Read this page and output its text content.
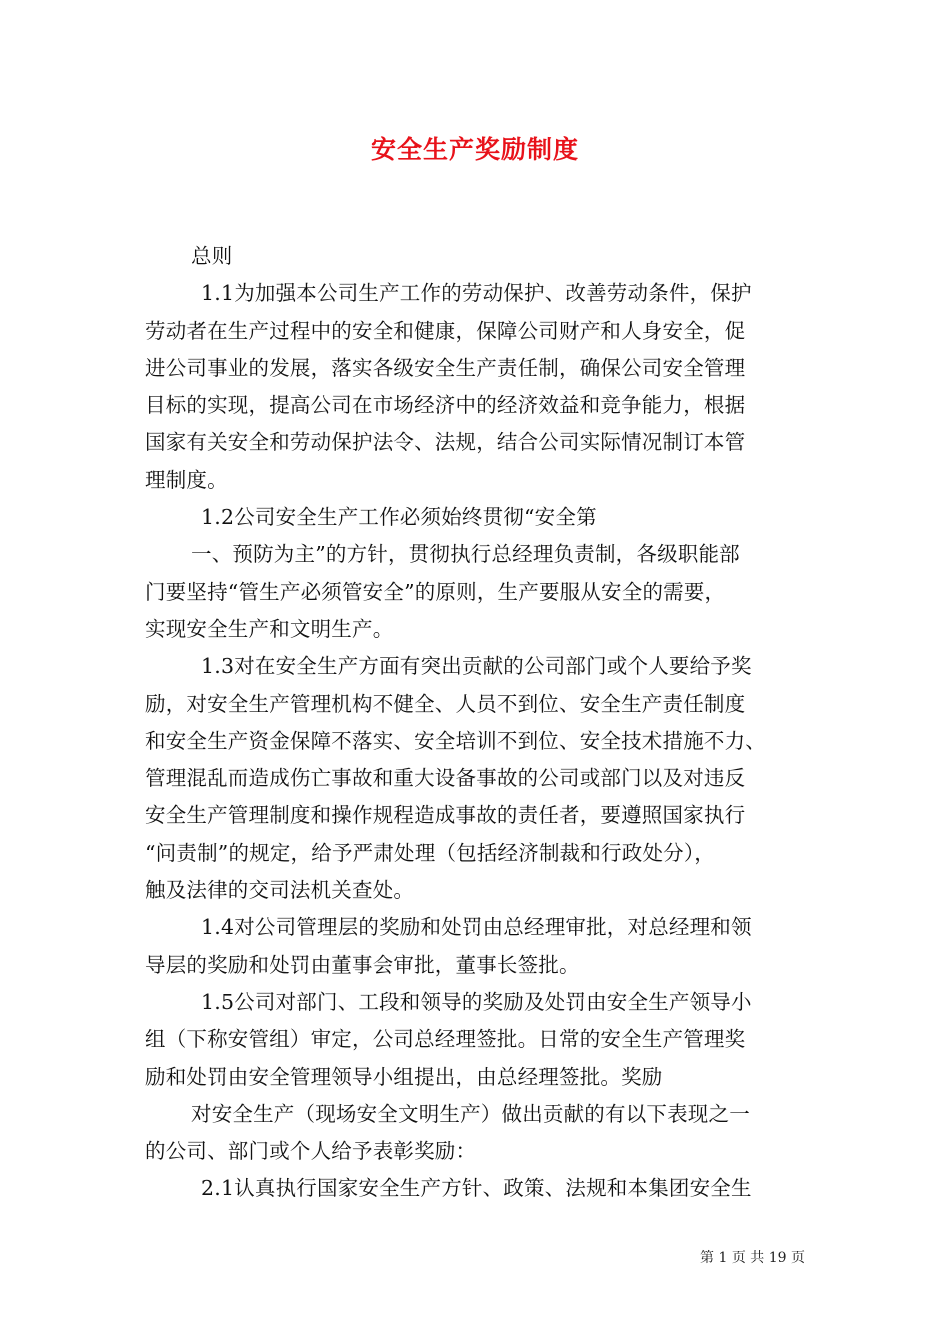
安全生产奖励制度
总则
1.1为加强本公司生产工作的劳动保护、改善劳动条件，保护
劳动者在生产过程中的安全和健康，保障公司财产和人身安全，促
进公司事业的发展，落实各级安全生产责任制，确保公司安全管理
目标的实现，提高公司在市场经济中的经济效益和竞争能力，根据
国家有关安全和劳动保护法令、法规，结合公司实际情况制订本管
理制度。
1.2公司安全生产工作必须始终贯彻“安全第
一、预防为主”的方针，贯彻执行总经理负责制，各级职能部
门要坚持“管生产必须管安全”的原则，生产要服从安全的需要，
实现安全生产和文明生产。
1.3对在安全生产方面有突出贡献的公司部门或个人要给予奖
励，对安全生产管理机构不健全、人员不到位、安全生产责任制度
和安全生产资金保障不落实、安全培训不到位、安全技术措施不力、
管理混乱而造成伤亡事故和重大设备事故的公司或部门以及对违反
安全生产管理制度和操作规程造成事故的责任者，要遵照国家执行
“问责制”的规定，给予严肃处理（包括经济制裁和行政处分），
触及法律的交司法机关查处。
1.4对公司管理层的奖励和处罚由总经理审批，对总经理和领
导层的奖励和处罚由董事会审批，董事长签批。
1.5公司对部门、工段和领导的奖励及处罚由安全生产领导小
组（下称安管组）审定，公司总经理签批。日常的安全生产管理奖
励和处罚由安全管理领导小组提出，由总经理签批。奖励
对安全生产（现场安全文明生产）做出贡献的有以下表现之一
的公司、部门或个人给予表彰奖励：
2.1认真执行国家安全生产方针、政策、法规和本集团安全生
第 1 页 共 19 页
